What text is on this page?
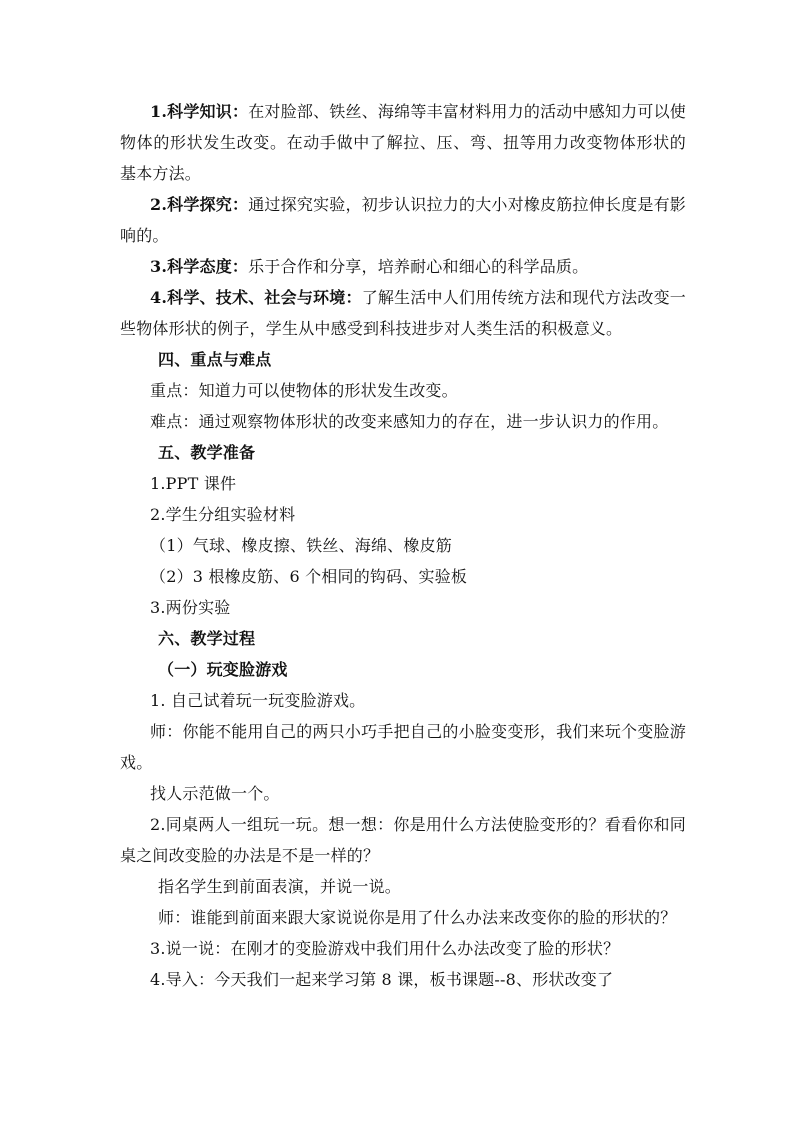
1.科学知识：在对脸部、铁丝、海绵等丰富材料用力的活动中感知力可以使物体的形状发生改变。在动手做中了解拉、压、弯、扭等用力改变物体形状的基本方法。

2.科学探究：通过探究实验，初步认识拉力的大小对橡皮筋拉伸长度是有影响的。

3.科学态度：乐于合作和分享，培养耐心和细心的科学品质。

4.科学、技术、社会与环境：了解生活中人们用传统方法和现代方法改变一些物体形状的例子，学生从中感受到科技进步对人类生活的积极意义。

四、重点与难点

重点：知道力可以使物体的形状发生改变。

难点：通过观察物体形状的改变来感知力的存在，进一步认识力的作用。

五、教学准备

1.PPT 课件

2.学生分组实验材料

（1）气球、橡皮擦、铁丝、海绵、橡皮筋

（2）3 根橡皮筋、6 个相同的钩码、实验板

3.两份实验

六、教学过程

（一）玩变脸游戏

1. 自己试着玩一玩变脸游戏。

师：你能不能用自己的两只小巧手把自己的小脸变变形，我们来玩个变脸游戏。

找人示范做一个。

2.同桌两人一组玩一玩。想一想：你是用什么方法使脸变形的？看看你和同桌之间改变脸的办法是不是一样的？

指名学生到前面表演，并说一说。

师：谁能到前面来跟大家说说你是用了什么办法来改变你的脸的形状的？

3.说一说：在刚才的变脸游戏中我们用什么办法改变了脸的形状？

4.导入：今天我们一起来学习第 8 课，板书课题--8、形状改变了
